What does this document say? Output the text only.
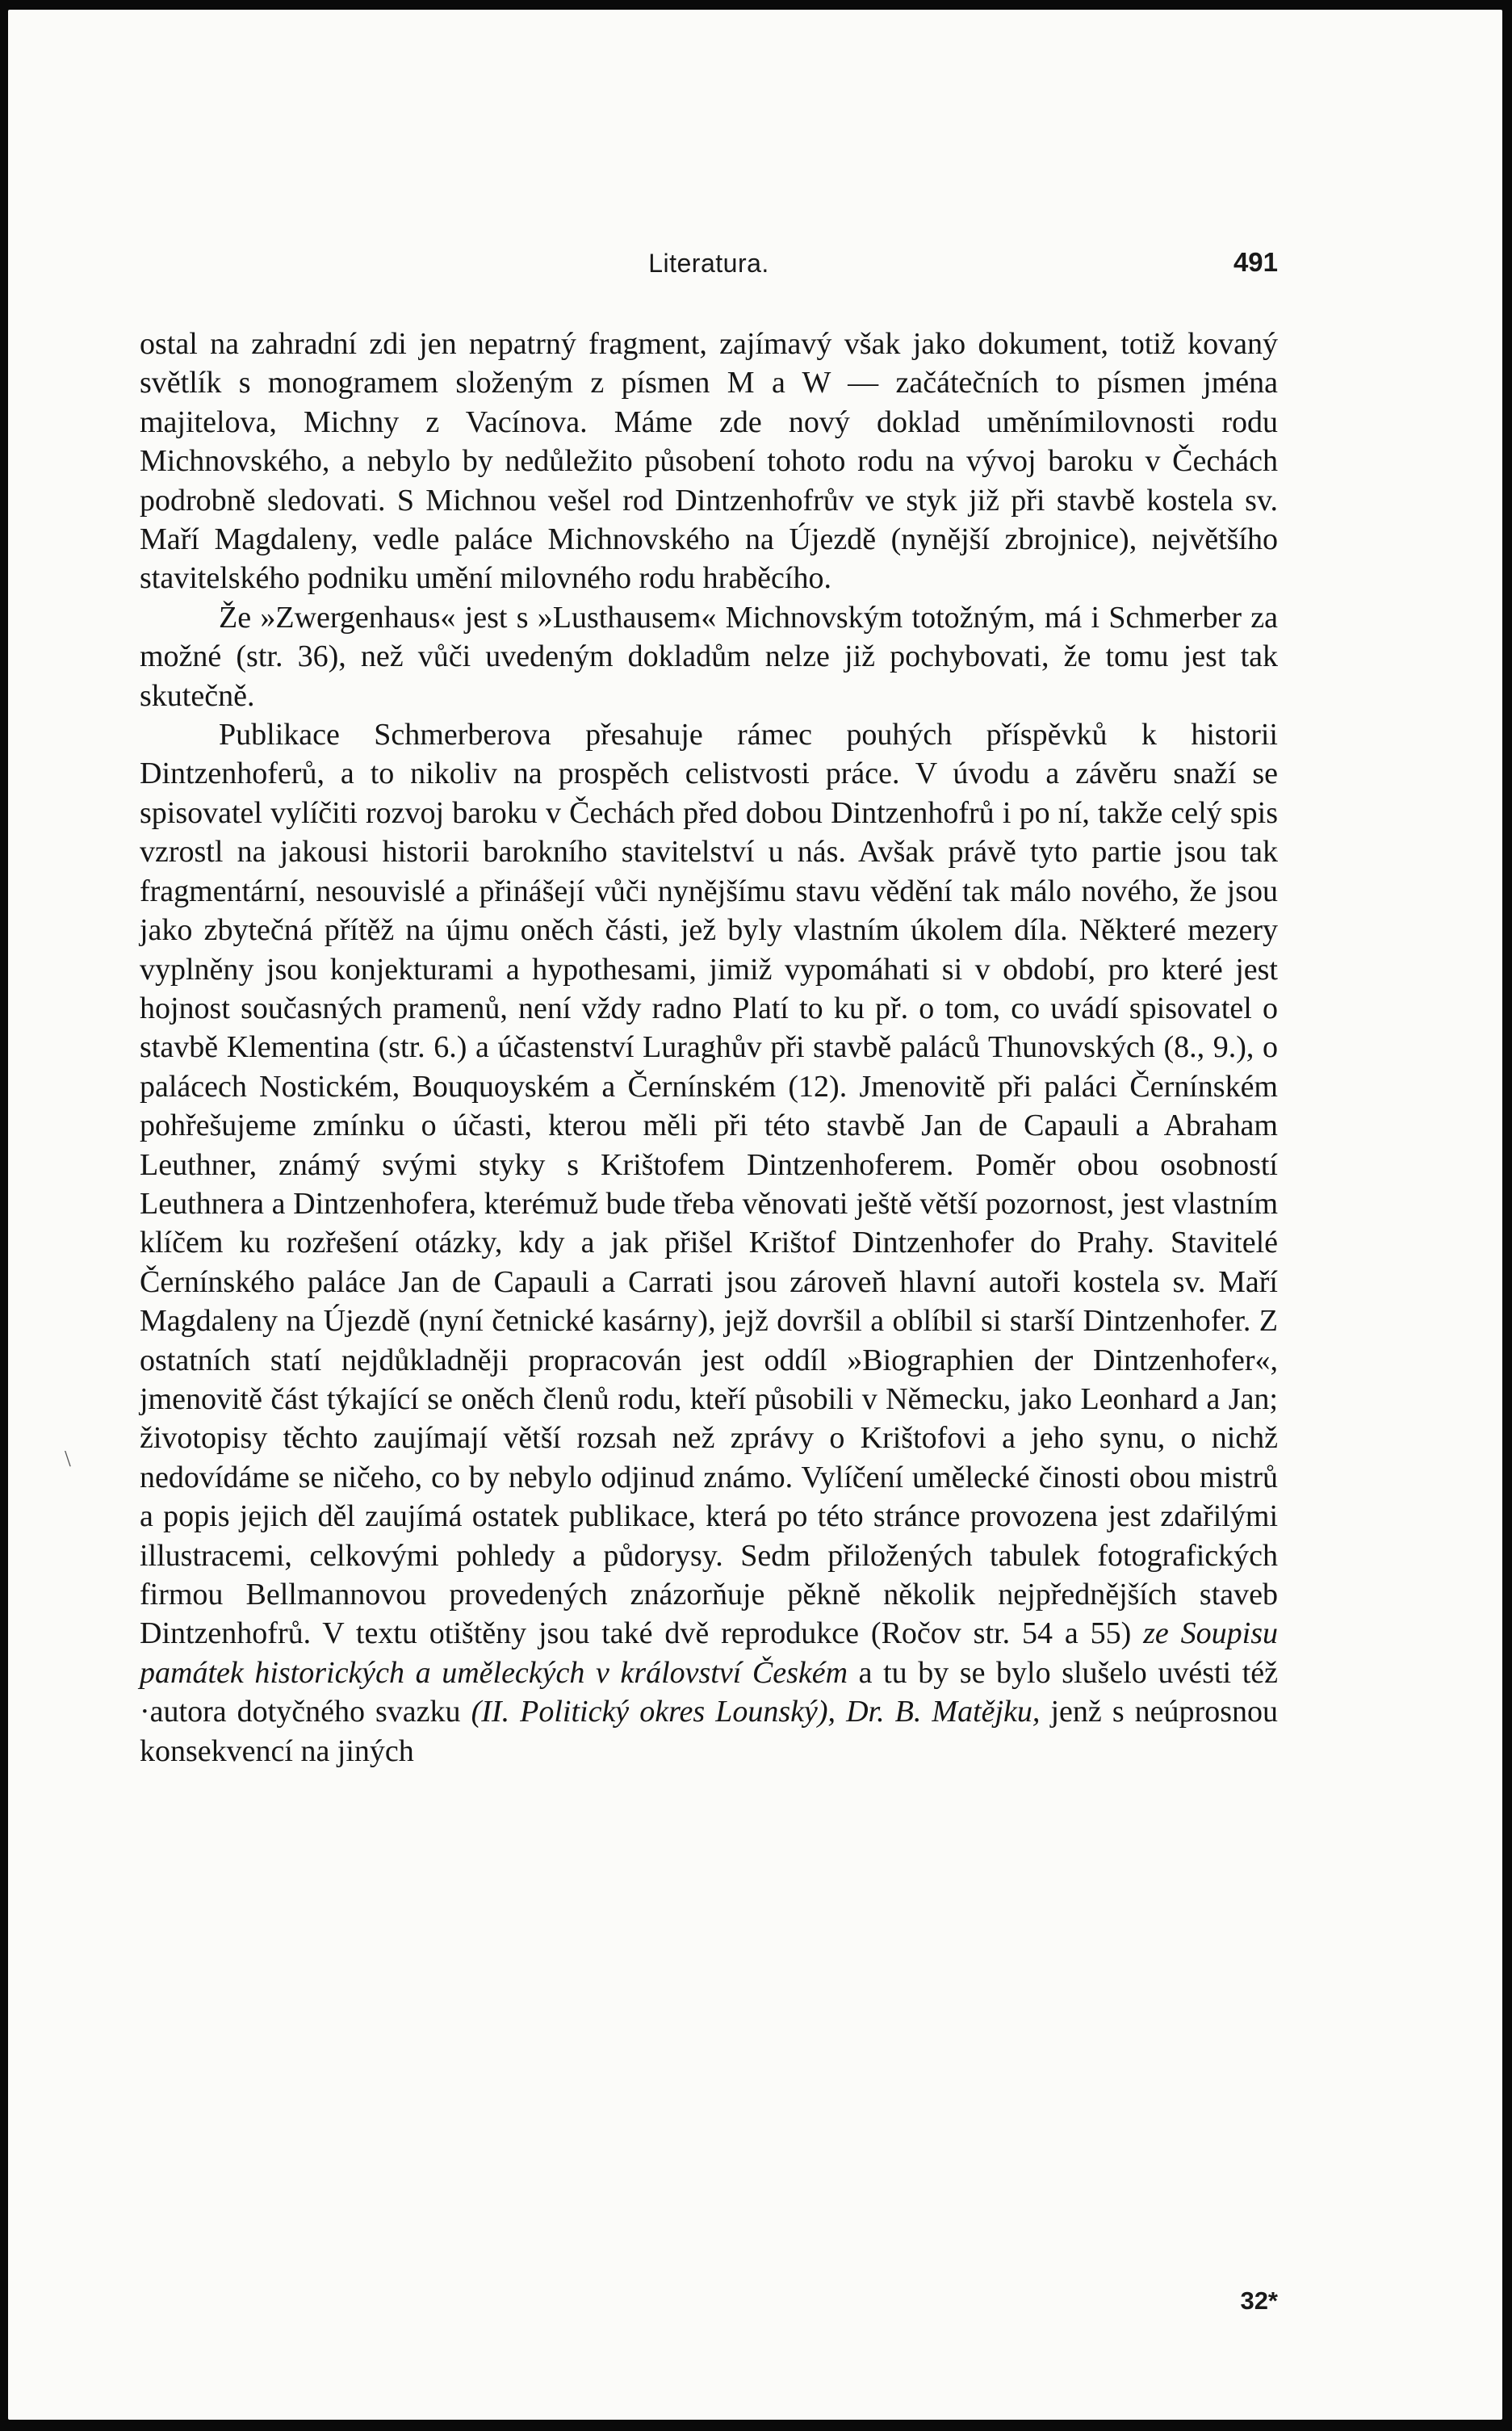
Literatura.	491

ostal na zahradní zdi jen nepatrný fragment, zajímavý však jako dokument, totiž kovaný světlík s monogramem složeným z písmen M a W — začátečních to písmen jména majitelova, Michny z Vacínova. Máme zde nový doklad uměnímilovnosti rodu Michnovského, a nebylo by nedůležito působení tohoto rodu na vývoj baroku v Čechách podrobně sledovati. S Michnou vešel rod Dintzenhofrův ve styk již při stavbě kostela sv. Maří Magdaleny, vedle paláce Michnovského na Újezdě (nynější zbrojnice), největšího stavitelského podniku umění milovného rodu hraběcího.

Že »Zwergenhaus« jest s »Lusthausem« Michnovským totožným, má i Schmerber za možné (str. 36), než vůči uvedeným dokladům nelze již pochybovati, že tomu jest tak skutečně.

Publikace Schmerberova přesahuje rámec pouhých příspěvků k historii Dintzenhoferů, a to nikoliv na prospěch celistvosti práce. V úvodu a závěru snaží se spisovatel vylíčiti rozvoj baroku v Čechách před dobou Dintzenhofrů i po ní, takže celý spis vzrostl na jakousi historii barokního stavitelství u nás. Avšak právě tyto partie jsou tak fragmentární, nesouvislé a přinášejí vůči nynějšímu stavu vědění tak málo nového, že jsou jako zbytečná přítěž na újmu oněch části, jež byly vlastním úkolem díla. Některé mezery vyplněny jsou konjekturami a hypothesami, jimiž vypomáhati si v období, pro které jest hojnost současných pramenů, není vždy radno Platí to ku př. o tom, co uvádí spisovatel o stavbě Klementina (str. 6.) a účastenství Luraghův při stavbě paláců Thunovských (8., 9.), o palácech Nostickém, Bouquoyském a Černínském (12). Jmenovitě při paláci Černínském pohřešujeme zmínku o účasti, kterou měli při této stavbě Jan de Capauli a Abraham Leuthner, známý svými styky s Krištofem Dintzenhoferem. Poměr obou osobností Leuthnera a Dintzenhofera, kterémuž bude třeba věnovati ještě větší pozornost, jest vlastním klíčem ku rozřešení otázky, kdy a jak přišel Krištof Dintzenhofer do Prahy. Stavitelé Černínského paláce Jan de Capauli a Carrati jsou zároveň hlavní autoři kostela sv. Maří Magdaleny na Újezdě (nyní četnické kasárny), jejž dovršil a oblíbil si starší Dintzenhofer. Z ostatních statí nejdůkladněji propracován jest oddíl »Biographien der Dintzenhofer«, jmenovitě část týkající se oněch členů rodu, kteří působili v Německu, jako Leonhard a Jan; životopisy těchto zaujímají větší rozsah než zprávy o Krištofovi a jeho synu, o nichž nedovídáme se ničeho, co by nebylo odjinud známo. Vylíčení umělecké činosti obou mistrů a popis jejich děl zaujímá ostatek publikace, která po této stránce provozena jest zdařilými illustracemi, celkovými pohledy a půdorysy. Sedm přiložených tabulek fotografických firmou Bellmannovou provedených znázorňuje pěkně několik nejpřednějších staveb Dintzenhofrů. V textu otištěny jsou také dvě reprodukce (Ročov str. 54 a 55) ze Soupisu památek historických a uměleckých v království Českém a tu by se bylo slušelo uvésti též ·autora dotyčného svazku (II. Politický okres Lounský), Dr. B. Matějku, jenž s neúprosnou konsekvencí na jiných

32*
\
